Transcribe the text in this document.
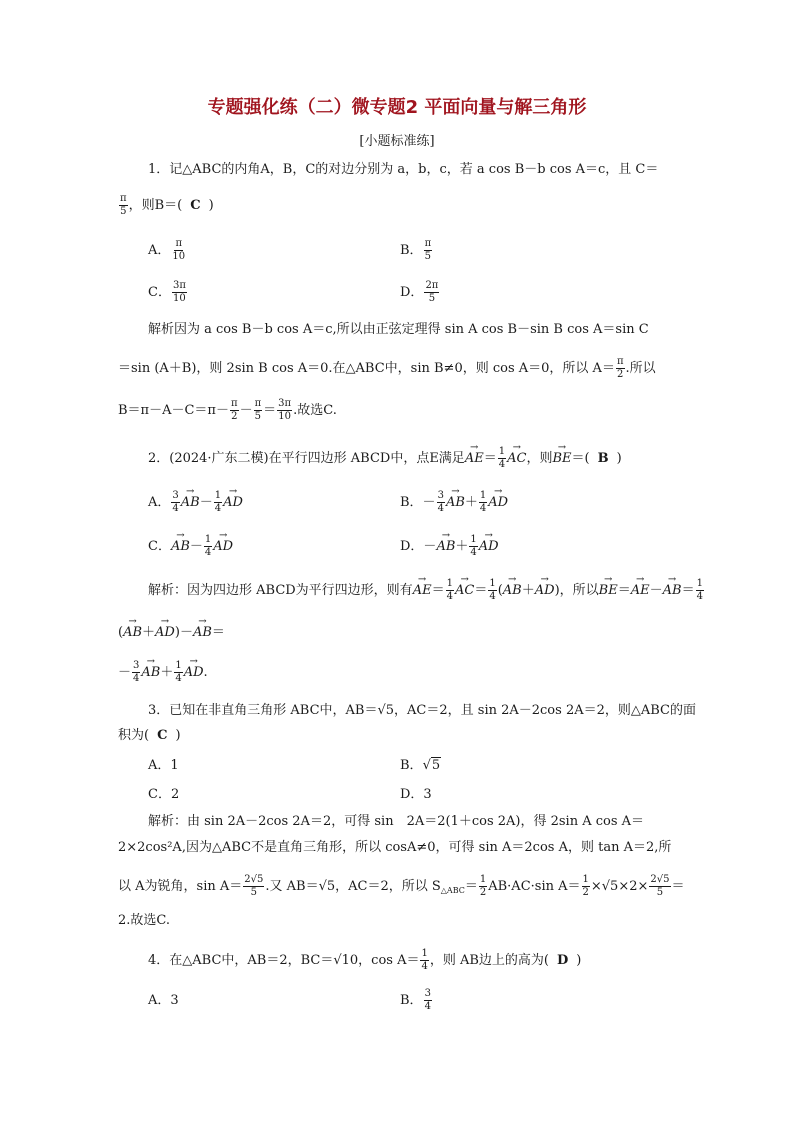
专题强化练（二）微专题2 平面向量与解三角形
[小题标准练]
1．记△ABC的内角A，B，C的对边分别为 a，b，c，若 a cos B－b cos A＝c，且 C＝
$\frac{\pi}{5}$ ，则B＝( C )
A． $\frac{\pi}{10}$	B． $\frac{\pi}{5}$
C． $\frac{3\pi}{10}$	D． $\frac{2\pi}{5}$
解析因为 a cos B－b cos A＝c,所以由正弦定理得 sin A cos B－sin B cos A＝sin C
＝sin (A＋B)，则 2sin B cos A＝0.在△ABC中，sin B≠0，则 cos A＝0，所以 $A= \frac{\pi}{2}$ .所以
$B=\pi-A-C=\pi- \frac{\pi}{2} - \frac{\pi}{5} = \frac{3\pi}{10}$ .故选C.
2．(2024·广东二模)在平行四边形 ABCD中，点E满足→ $AE= \frac{1}{4}$
→ AC，则→ BE＝( B )
A． $\frac{3}{4}$
→ $AB- \frac{1}{4}$
→ AD	B．－ $\frac{3}{4}$
→ $AB+ \frac{1}{4}$
→ AD
C．→ $AB- \frac{1}{4}$
→ AD	D．－→ $AB+ \frac{1}{4}$
→ AD
解析：因为四边形 ABCD为平行四边形，则有→ $AE= \frac{1}{4}$
→ $AC= \frac{1}{4}$ (→ AB＋→ AD)，所以→ $BE=\to AE-\to AB= \frac{1}{4}$
(→ AB＋→ AD)－→ AB＝
－ $\frac{3}{4}$
→ $AB+ \frac{1}{4}$
→ AD.
3．已知在非直角三角形 ABC中，AB＝√5，AC＝2，且 sin 2A－2cos 2A＝2，则△ABC的面
积为( C )
A．1	B．√5
C．2	D．3
解析：由 sin 2A－2cos 2A＝2，可得 sin　2A＝2(1＋cos 2A)，得 2sin A cos A＝
2×2cos²A,因为△ABC不是直角三角形，所以 cosA≠0，可得 sin A＝2cos A，则 tan A＝2,所
以 A为锐角，$\sin A= \frac{2√5}{5}$ .又 AB＝√5，AC＝2，所以 $S_{\triangle ABC}= \frac{1}{2} AB\cdot AC\cdot\sin$ $A= \frac{1}{2} \times√5\times 2\times \frac{2√5}{5}$ ＝
2.故选C.
4．在△ABC中，AB＝2，BC＝√10，$\cos A= \frac{1}{4}$ ，则 AB边上的高为( D )
A．3	B． $\frac{3}{4}$
